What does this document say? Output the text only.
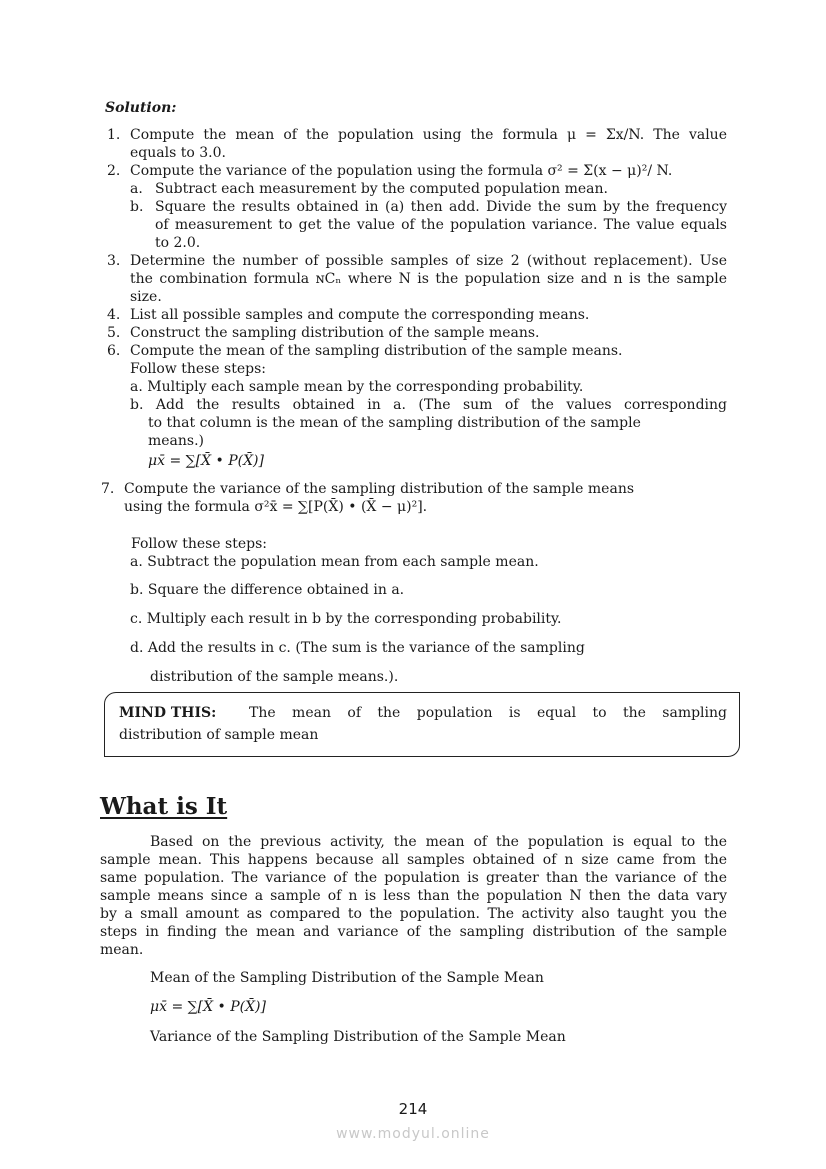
Solution:
1. Compute the mean of the population using the formula μ = Σx/N. The value
equals to 3.0.
2. Compute the variance of the population using the formula σ² = Σ(x − μ)²/ N.
a. Subtract each measurement by the computed population mean.
b. Square the results obtained in (a) then add. Divide the sum by the frequency
of measurement to get the value of the population variance. The value equals
to 2.0.
3. Determine the number of possible samples of size 2 (without replacement). Use
the combination formula ɴCₙ where N is the population size and n is the sample
size.
4. List all possible samples and compute the corresponding means.
5. Construct the sampling distribution of the sample means.
6. Compute the mean of the sampling distribution of the sample means.
Follow these steps:
a. Multiply each sample mean by the corresponding probability.
b. Add the results obtained in a. (The sum of the values corresponding
to that column is the mean of the sampling distribution of the sample
means.)
μx̄ = ∑[X̄ • P(X̄)]
7. Compute the variance of the sampling distribution of the sample means
using the formula σ²x̄ = ∑[P(X̄) • (X̄ − μ)²].
Follow these steps:
a. Subtract the population mean from each sample mean.
b. Square the difference obtained in a.
c. Multiply each result in b by the corresponding probability.
d. Add the results in c. (The sum is the variance of the sampling
distribution of the sample means.).
MIND THIS: The mean of the population is equal to the sampling
distribution of sample mean
What is It
Based on the previous activity, the mean of the population is equal to the
sample mean. This happens because all samples obtained of n size came from the
same population. The variance of the population is greater than the variance of the
sample means since a sample of n is less than the population N then the data vary
by a small amount as compared to the population. The activity also taught you the
steps in finding the mean and variance of the sampling distribution of the sample
mean.
Mean of the Sampling Distribution of the Sample Mean
μx̄ = ∑[X̄ • P(X̄)]
Variance of the Sampling Distribution of the Sample Mean
214
www.modyul.online
